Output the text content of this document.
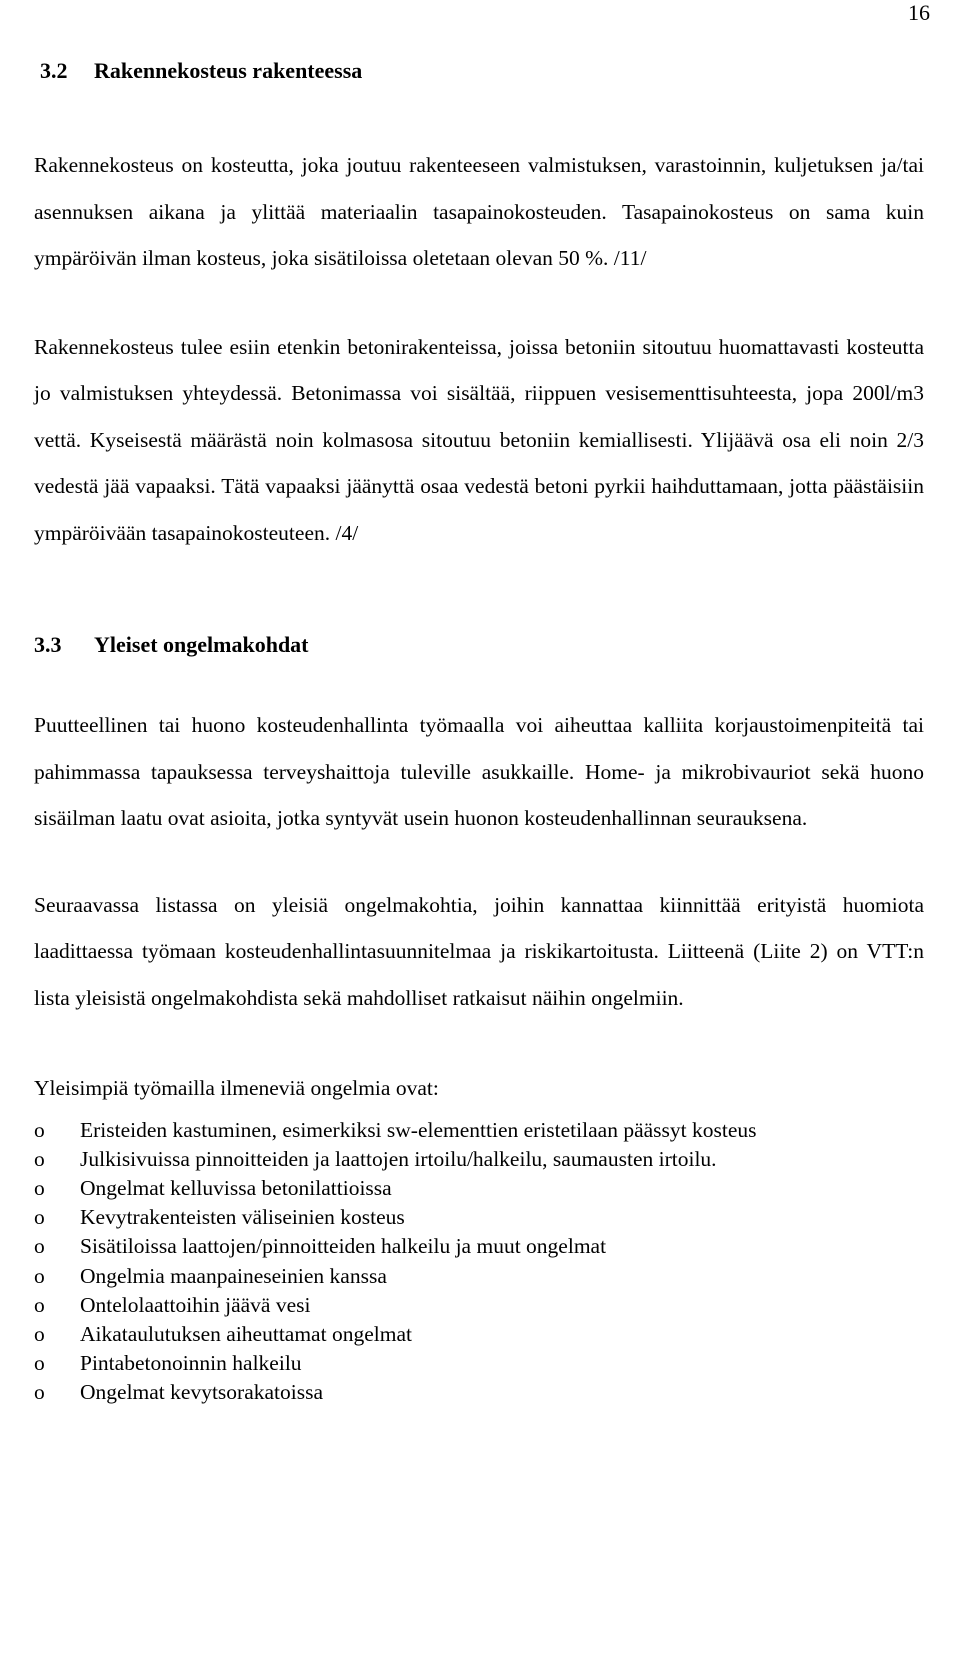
16
3.2 Rakennekosteus rakenteessa

Rakennekosteus on kosteutta, joka joutuu rakenteeseen valmistuksen, varastoinnin, kuljetuksen ja/tai asennuksen aikana ja ylittää materiaalin tasapainokosteuden. Tasapainokosteus on sama kuin ympäröivän ilman kosteus, joka sisätiloissa oletetaan olevan 50 %. /11/

Rakennekosteus tulee esiin etenkin betonirakenteissa, joissa betoniin sitoutuu huomattavasti kosteutta jo valmistuksen yhteydessä. Betonimassa voi sisältää, riippuen vesisementtisuhteesta, jopa 200l/m3 vettä. Kyseisestä määrästä noin kolmasosa sitoutuu betoniin kemiallisesti. Ylijäävä osa eli noin 2/3 vedestä jää vapaaksi. Tätä vapaaksi jäänyttä osaa vedestä betoni pyrkii haihduttamaan, jotta päästäisiin ympäröivään tasapainokosteuteen. /4/

3.3 Yleiset ongelmakohdat

Puutteellinen tai huono kosteudenhallinta työmaalla voi aiheuttaa kalliita korjaustoimenpiteitä tai pahimmassa tapauksessa terveyshaittoja tuleville asukkaille. Home- ja mikrobivauriot sekä huono sisäilman laatu ovat asioita, jotka syntyvät usein huonon kosteudenhallinnan seurauksena.

Seuraavassa listassa on yleisiä ongelmakohtia, joihin kannattaa kiinnittää erityistä huomiota laadittaessa työmaan kosteudenhallintasuunnitelmaa ja riskikartoitusta. Liitteenä (Liite 2) on VTT:n lista yleisistä ongelmakohdista sekä mahdolliset ratkaisut näihin ongelmiin.

Yleisimpiä työmailla ilmeneviä ongelmia ovat:

o	Eristeiden kastuminen, esimerkiksi sw-elementtien eristetilaan päässyt kosteus
o	Julkisivuissa pinnoitteiden ja laattojen irtoilu/halkeilu, saumausten irtoilu.
o	Ongelmat kelluvissa betonilattioissa
o	Kevytrakenteisten väliseinien kosteus
o	Sisätiloissa laattojen/pinnoitteiden halkeilu ja muut ongelmat
o	Ongelmia maanpaineseinien kanssa
o	Ontelolaattoihin jäävä vesi
o	Aikataulutuksen aiheuttamat ongelmat
o	Pintabetonoinnin halkeilu
o	Ongelmat kevytsorakatoissa
